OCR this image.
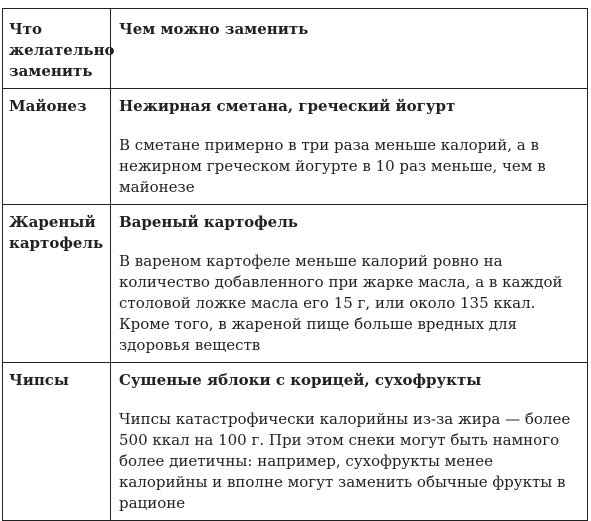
Что желательно заменить	Чем можно заменить
Майонез	Нежирная сметана, греческий йогурт
В сметане примерно в три раза меньше калорий, а в нежирном греческом йогурте в 10 раз меньше, чем в майонезе

Жареный картофель	Вареный картофель
В вареном картофеле меньше калорий ровно на количество добавленного при жарке масла, а в каждой столовой ложке масла его 15 г, или около 135 ккал. Кроме того, в жареной пище больше вредных для здоровья веществ

Чипсы	Сушеные яблоки с корицей, сухофрукты
Чипсы катастрофически калорийны из-за жира — более 500 ккал на 100 г. При этом снеки могут быть намного более диетичны: например, сухофрукты менее калорийны и вполне могут заменить обычные фрукты в рационе
